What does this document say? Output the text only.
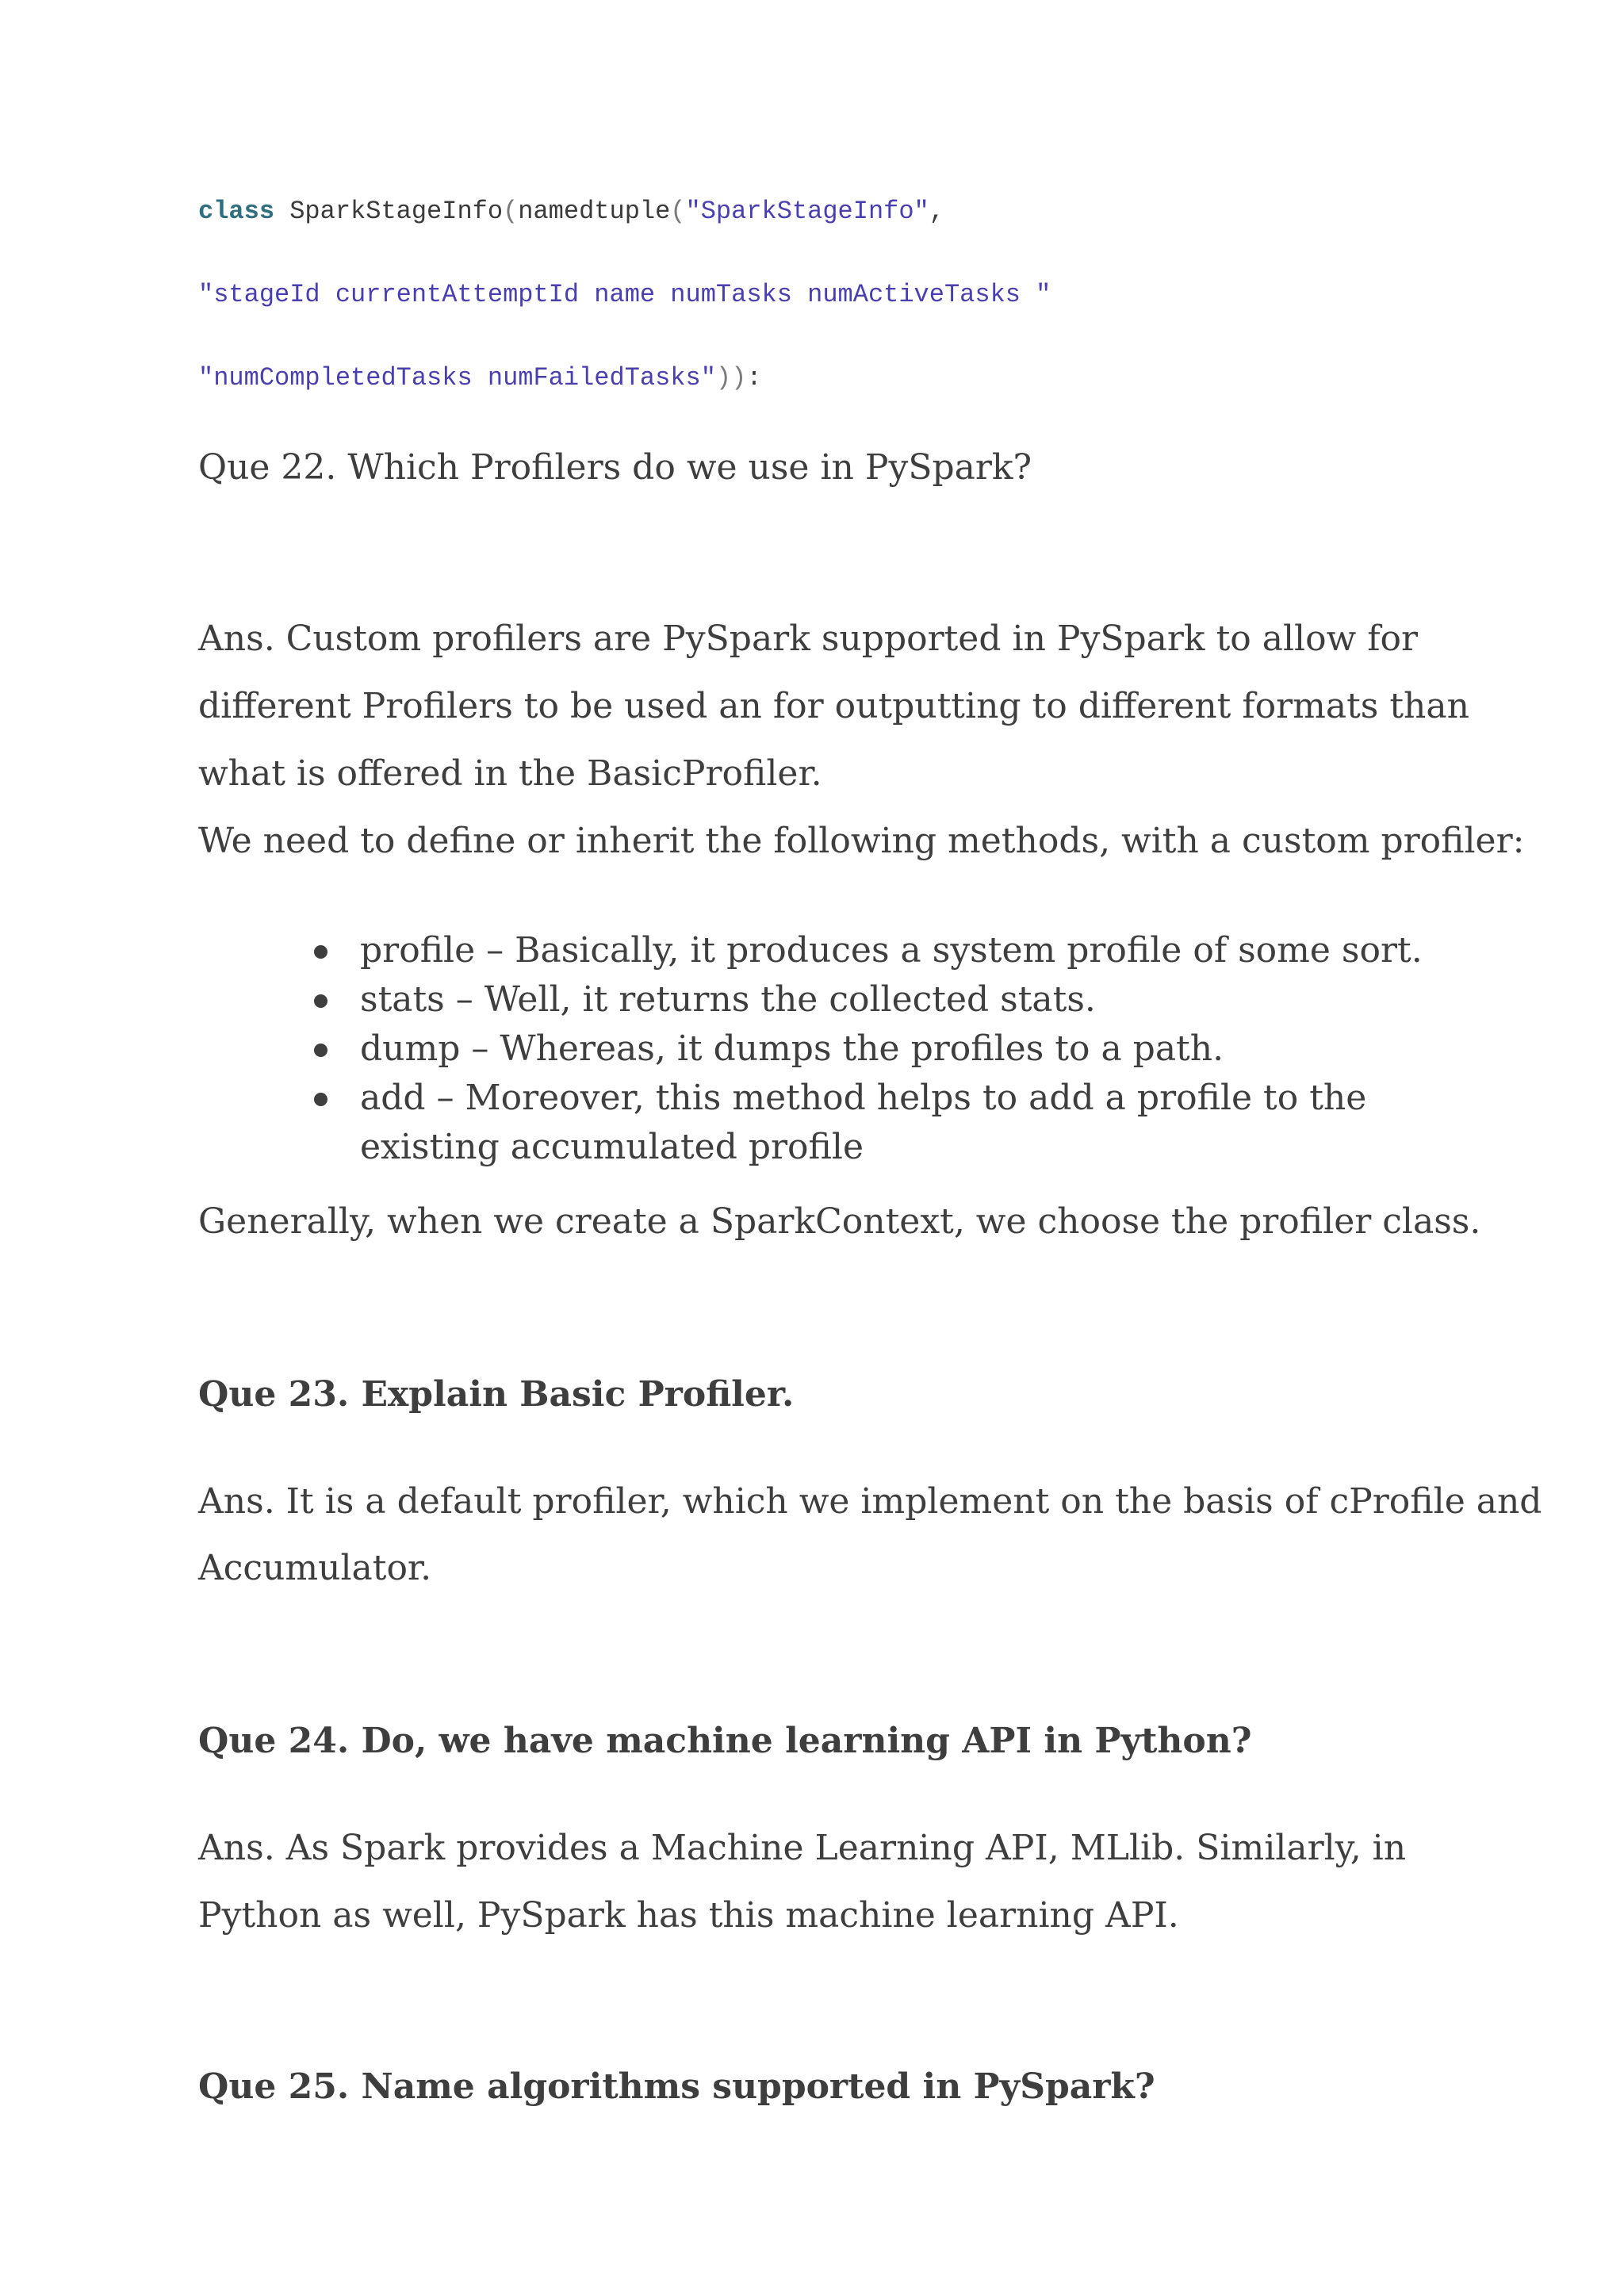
class SparkStageInfo(namedtuple("SparkStageInfo",
"stageId currentAttemptId name numTasks numActiveTasks "
"numCompletedTasks numFailedTasks")):
Que 22. Which Profilers do we use in PySpark?
Ans. Custom profilers are PySpark supported in PySpark to allow for
different Profilers to be used an for outputting to different formats than
what is offered in the BasicProfiler.
We need to define or inherit the following methods, with a custom profiler:
profile – Basically, it produces a system profile of some sort.
stats – Well, it returns the collected stats.
dump – Whereas, it dumps the profiles to a path.
add – Moreover, this method helps to add a profile to the existing accumulated profile
Generally, when we create a SparkContext, we choose the profiler class.
Que 23. Explain Basic Profiler.
Ans. It is a default profiler, which we implement on the basis of cProfile and
Accumulator.
Que 24. Do, we have machine learning API in Python?
Ans. As Spark provides a Machine Learning API, MLlib. Similarly, in
Python as well, PySpark has this machine learning API.
Que 25. Name algorithms supported in PySpark?
